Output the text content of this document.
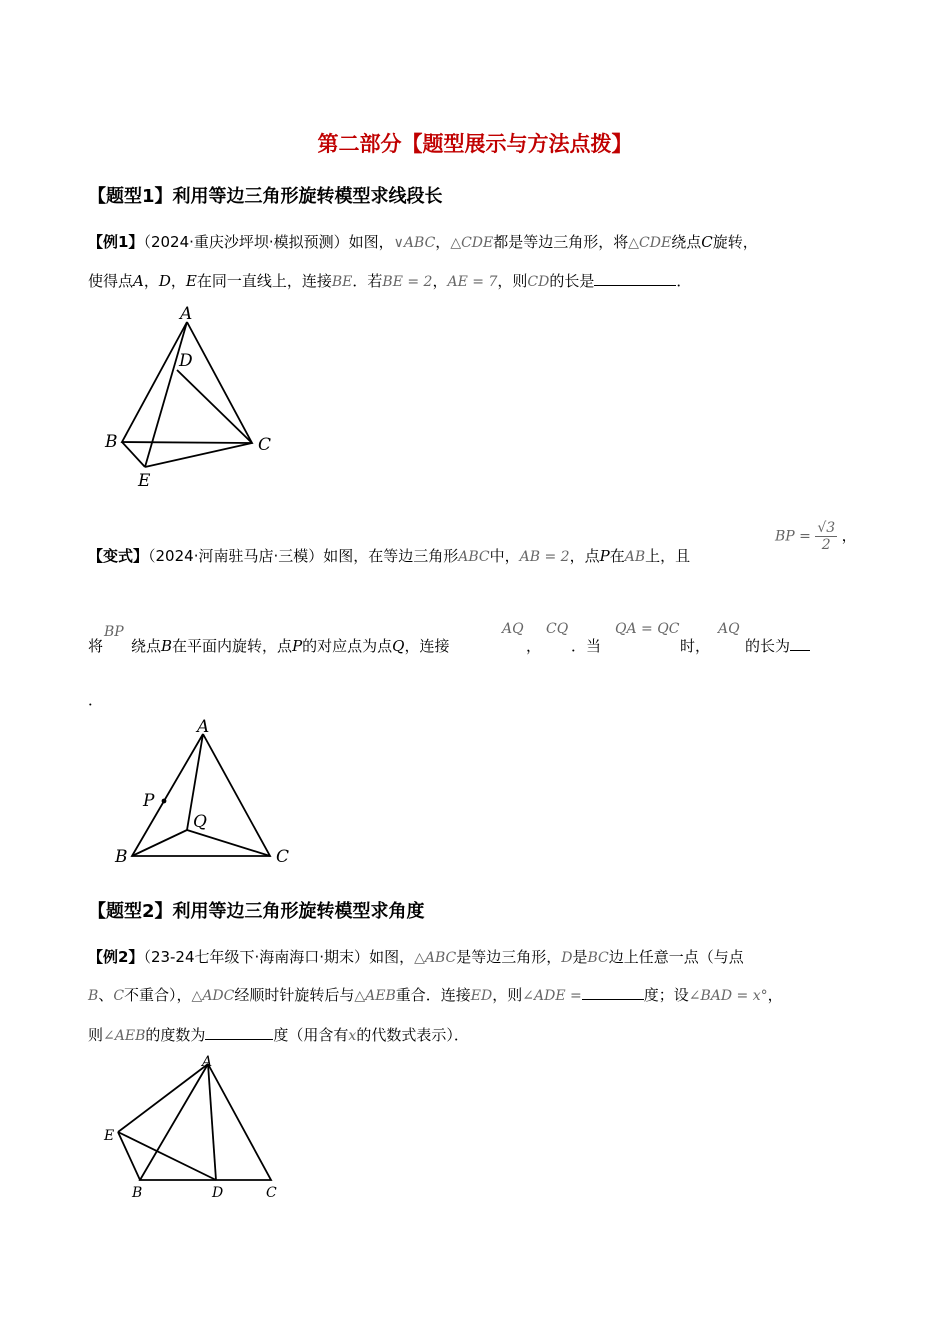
第二部分【题型展示与方法点拨】
【题型1】利用等边三角形旋转模型求线段长
【例1】（2024·重庆沙坪坝·模拟预测）如图，∨ABC，△CDE都是等边三角形，将△CDE绕点C旋转，
使得点A，D，E在同一直线上，连接BE．若BE = 2，AE = 7，则CD的长是	．
A
D
B	C
E
【变式】（2024·河南驻马店·三模）如图，在等边三角形ABC中，AB = 2，点P在AB上，且
BP = $\frac{√3}{2}$ ，
将
BP
绕点B在平面内旋转，点P的对应点为点Q，连接
AQ
，
CQ
．当
QA = QC
时，
AQ
的长为
．
A
P
Q
B	C
【题型2】利用等边三角形旋转模型求角度
【例2】（23-24七年级下·海南海口·期末）如图，△ABC是等边三角形，D是BC边上任意一点（与点
B、C不重合），△ADC经顺时针旋转后与△AEB重合．连接ED，则∠ADE =	度；设∠BAD = x°，
则∠AEB的度数为	度（用含有x的代数式表示）．
A
E
B	D	C
